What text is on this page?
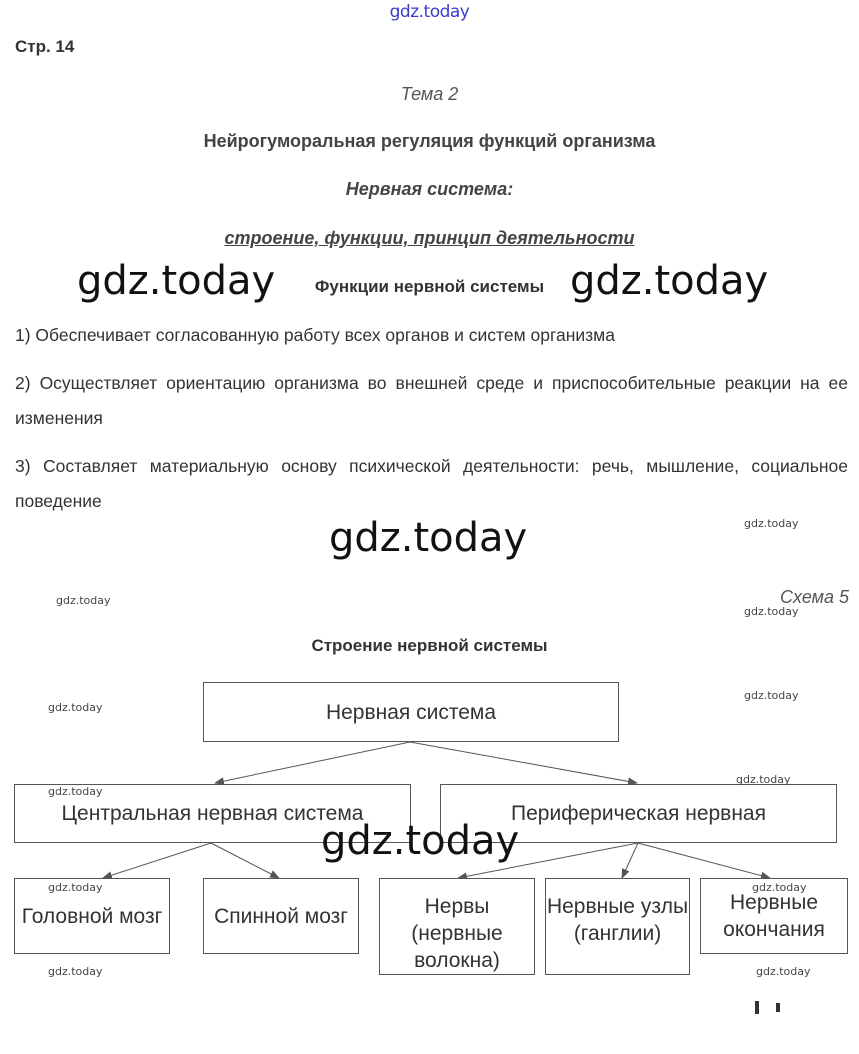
gdz.today
Стр. 14
Тема 2
Нейрогуморальная регуляция функций организма
Нервная система:
строение, функции, принцип деятельности
Функции нервной системы
gdz.today	gdz.today
1) Обеспечивает согласованную работу всех органов и систем организма
2) Осуществляет ориентацию организма во внешней среде и приспособительные реакции на ее изменения
3) Составляет материальную основу психической деятельности: речь, мышление, социальное поведение
gdz.today	gdz.today
Схема 5
gdz.today
gdz.today
Строение нервной системы
Нервная система
gdz.today
gdz.today
Центральная нервная система	Периферическая нервная
gdz.today
gdz.today
Головной мозг	Спинной мозг	Нервы (нервные волокна)
Нервные узлы (ганглии)
Нервные окончания
gdz.today
gdz.today	gdz.today
gdz.today	gdz.today
